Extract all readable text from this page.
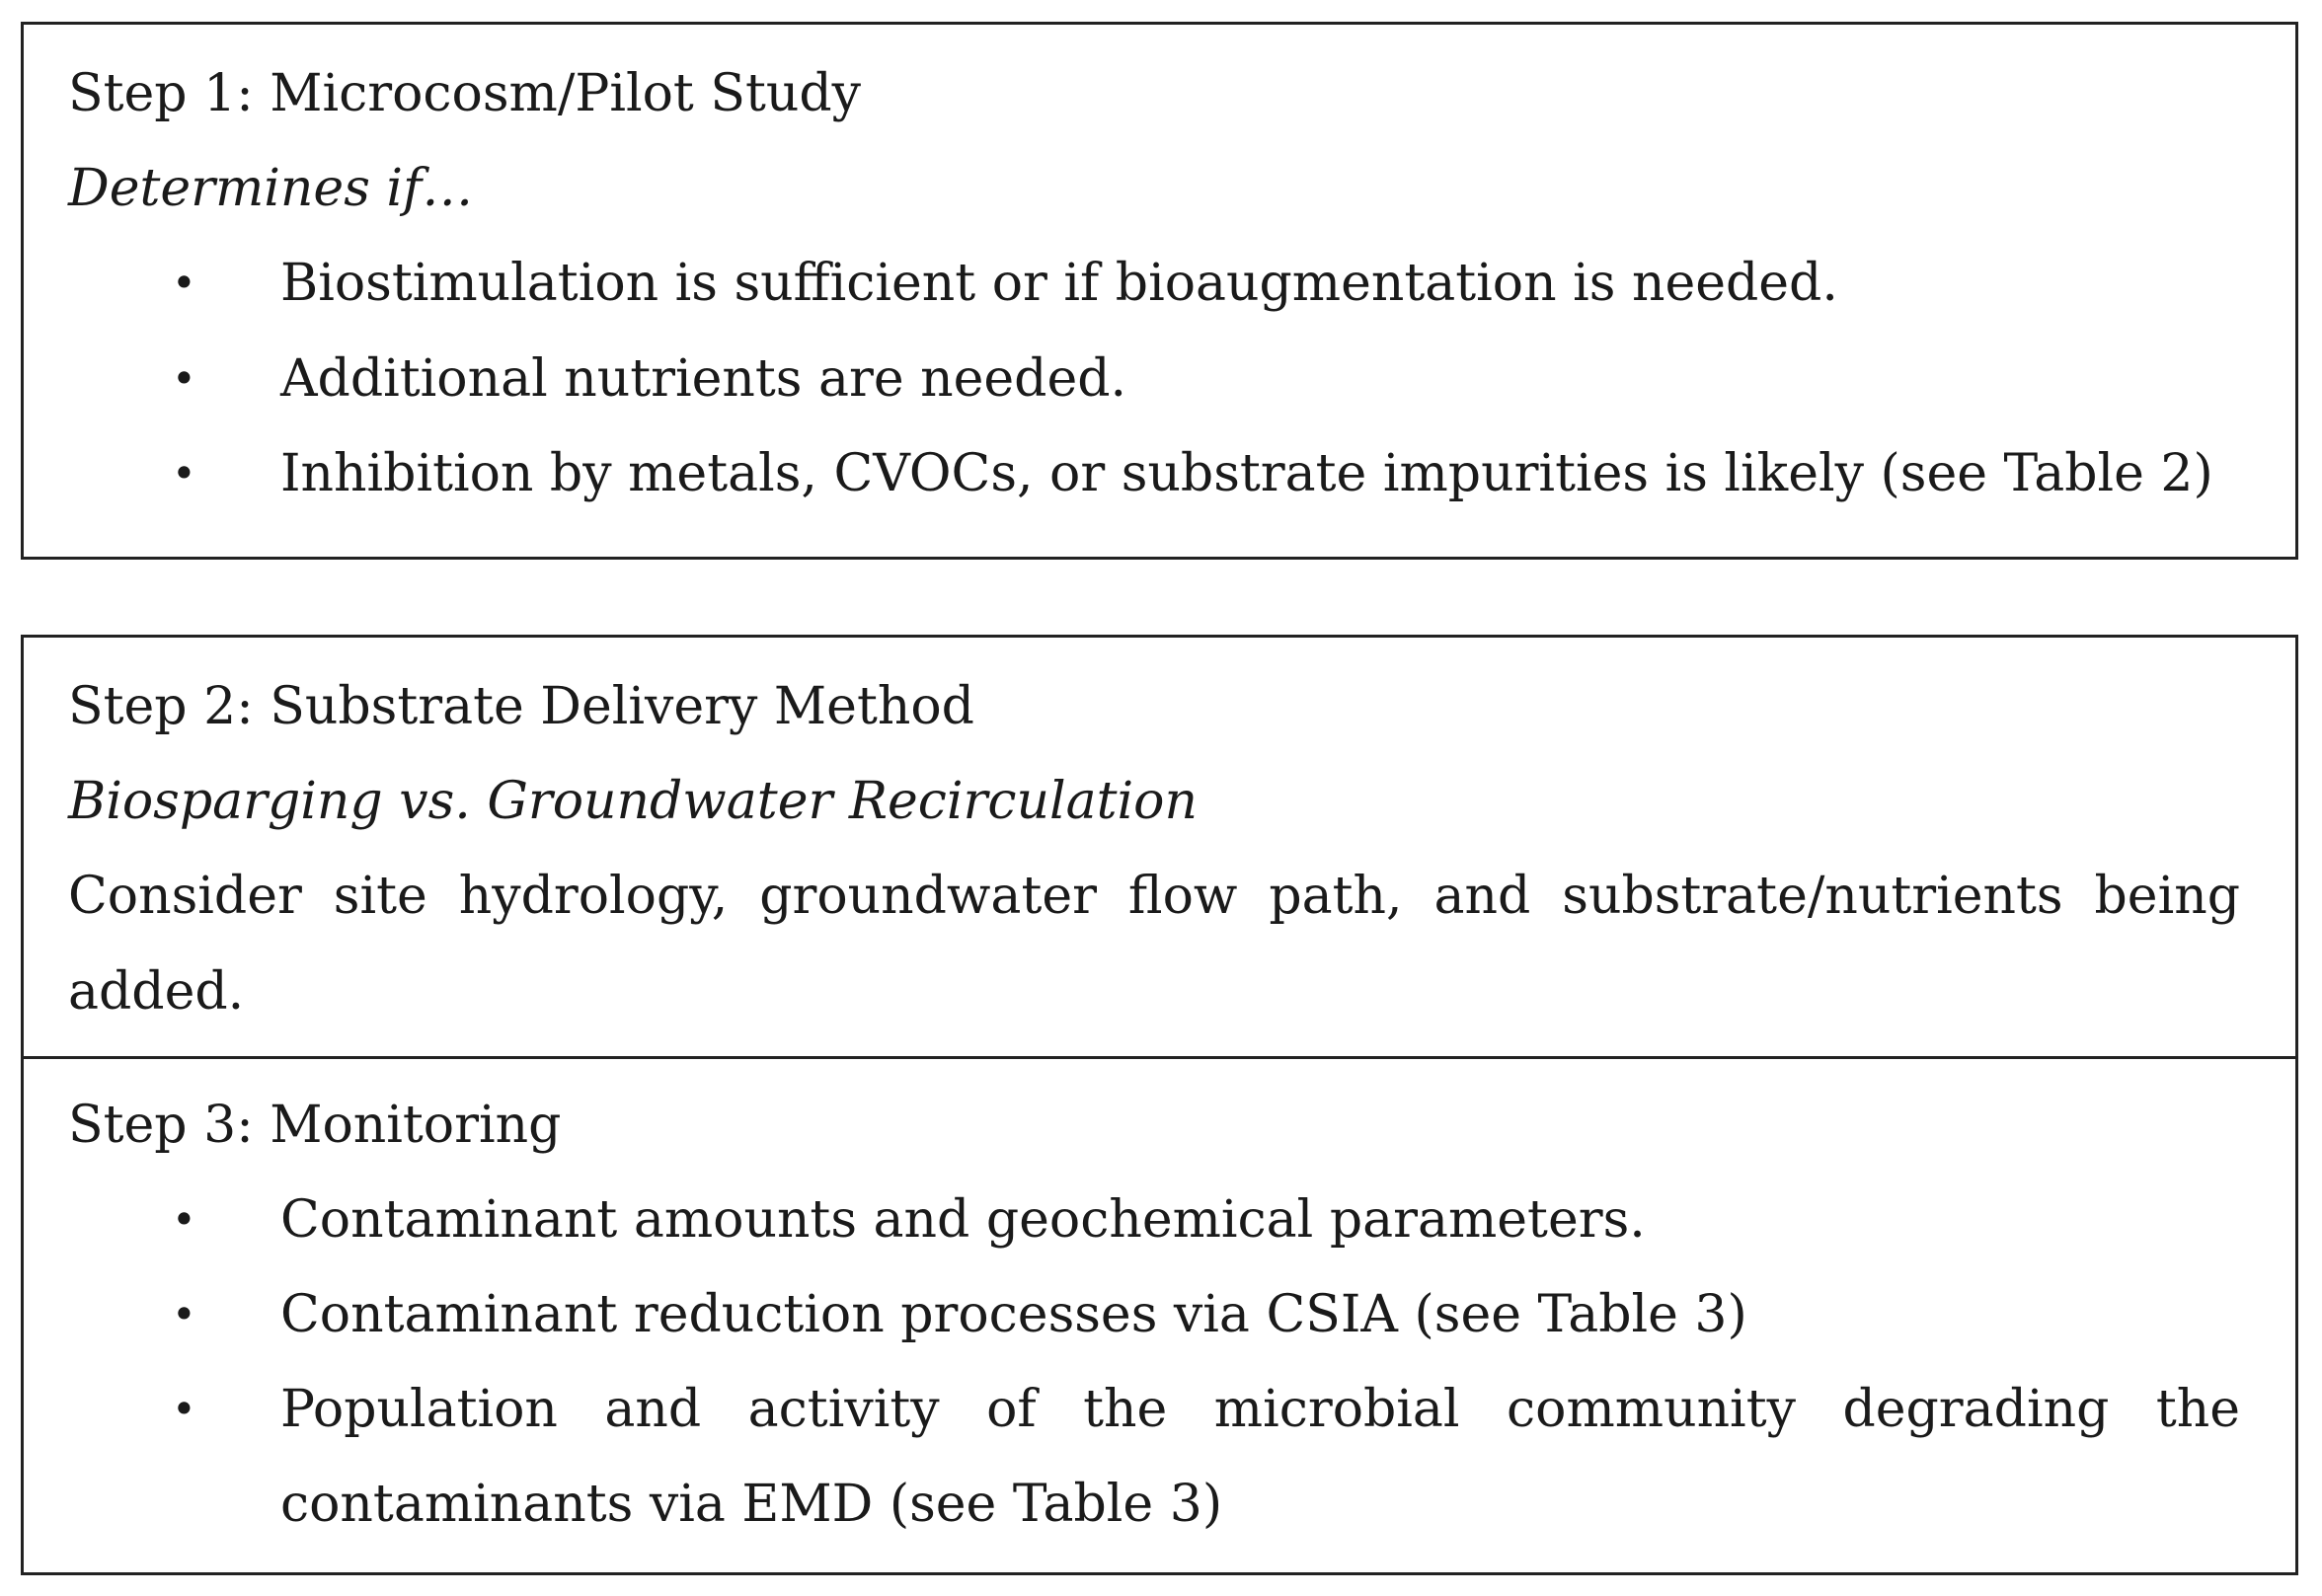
Step 1: Microcosm/Pilot Study
Determines if…
• Biostimulation is sufficient or if bioaugmentation is needed.
• Additional nutrients are needed.
• Inhibition by metals, CVOCs, or substrate impurities is likely (see Table 2)
Step 2: Substrate Delivery Method
Biosparging vs. Groundwater Recirculation
Consider site hydrology, groundwater flow path, and substrate/nutrients being
added.
Step 3: Monitoring
• Contaminant amounts and geochemical parameters.
• Contaminant reduction processes via CSIA (see Table 3)
• Population and activity of the microbial community degrading the
contaminants via EMD (see Table 3)
